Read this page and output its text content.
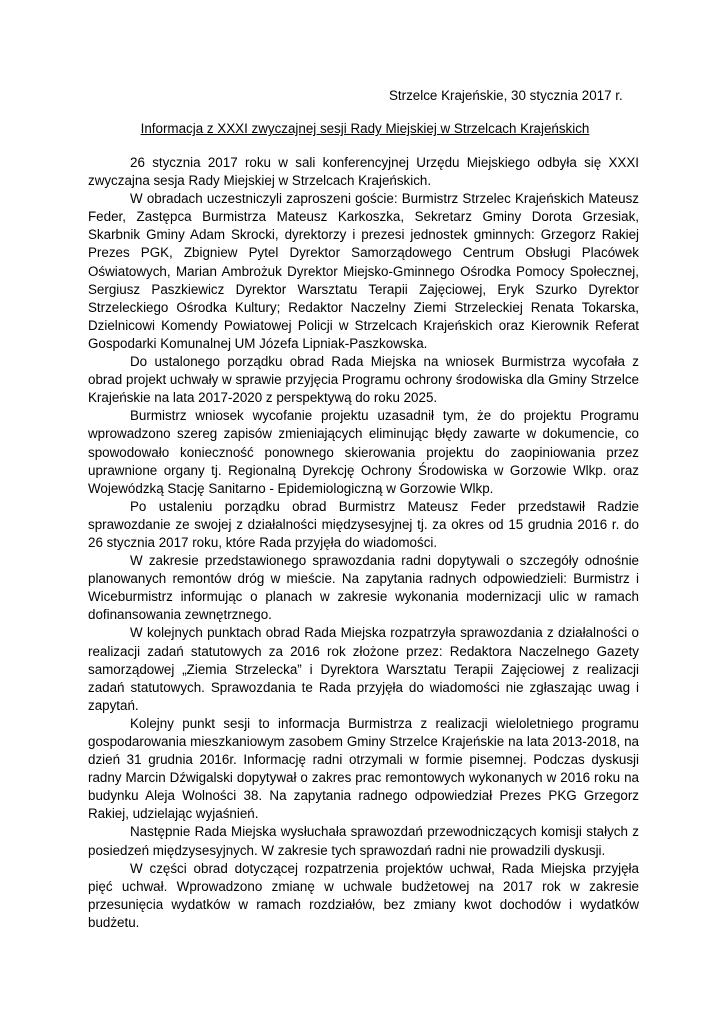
Strzelce Krajeńskie, 30 stycznia 2017 r.
Informacja z XXXI zwyczajnej sesji Rady Miejskiej w Strzelcach Krajeńskich

26 stycznia 2017 roku w sali konferencyjnej Urzędu Miejskiego odbyła się XXXI zwyczajna sesja Rady Miejskiej w Strzelcach Krajeńskich.

W obradach uczestniczyli zaproszeni goście: Burmistrz Strzelec Krajeńskich Mateusz Feder, Zastępca Burmistrza Mateusz Karkoszka, Sekretarz Gminy Dorota Grzesiak, Skarbnik Gminy Adam Skrocki, dyrektorzy i prezesi jednostek gminnych: Grzegorz Rakiej Prezes PGK, Zbigniew Pytel Dyrektor Samorządowego Centrum Obsługi Placówek Oświatowych, Marian Ambrożuk Dyrektor Miejsko-Gminnego Ośrodka Pomocy Społecznej, Sergiusz Paszkiewicz Dyrektor Warsztatu Terapii Zajęciowej, Eryk Szurko Dyrektor Strzeleckiego Ośrodka Kultury; Redaktor Naczelny Ziemi Strzeleckiej Renata Tokarska, Dzielnicowi Komendy Powiatowej Policji w Strzelcach Krajeńskich oraz Kierownik Referat Gospodarki Komunalnej UM Józefa Lipniak-Paszkowska.

Do ustalonego porządku obrad Rada Miejska na wniosek Burmistrza wycofała z obrad projekt uchwały w sprawie przyjęcia Programu ochrony środowiska dla Gminy Strzelce Krajeńskie na lata 2017-2020 z perspektywą do roku 2025.

Burmistrz wniosek wycofanie projektu uzasadnił tym, że do projektu Programu wprowadzono szereg zapisów zmieniających eliminując błędy zawarte w dokumencie, co spowodowało konieczność ponownego skierowania projektu do zaopiniowania przez uprawnione organy tj. Regionalną Dyrekcję Ochrony Środowiska w Gorzowie Wlkp. oraz Wojewódzką Stację Sanitarno - Epidemiologiczną w Gorzowie Wlkp.

Po ustaleniu porządku obrad Burmistrz Mateusz Feder przedstawił Radzie sprawozdanie ze swojej z działalności międzysesyjnej tj. za okres od 15 grudnia 2016 r. do 26 stycznia 2017 roku, które Rada przyjęła do wiadomości.

W zakresie przedstawionego sprawozdania radni dopytywali o szczegóły odnośnie planowanych remontów dróg w mieście. Na zapytania radnych odpowiedzieli: Burmistrz i Wiceburmistrz informując o planach w zakresie wykonania modernizacji ulic w ramach dofinansowania zewnętrznego.

W kolejnych punktach obrad Rada Miejska rozpatrzyła sprawozdania z działalności o realizacji zadań statutowych za 2016 rok złożone przez: Redaktora Naczelnego Gazety samorządowej „Ziemia Strzelecka” i Dyrektora Warsztatu Terapii Zajęciowej z realizacji zadań statutowych. Sprawozdania te Rada przyjęła do wiadomości nie zgłaszając uwag i zapytań.

Kolejny punkt sesji to informacja Burmistrza z realizacji wieloletniego programu gospodarowania mieszkaniowym zasobem Gminy Strzelce Krajeńskie na lata 2013-2018, na dzień 31 grudnia 2016r. Informację radni otrzymali w formie pisemnej. Podczas dyskusji radny Marcin Dźwigalski dopytywał o zakres prac remontowych wykonanych w 2016 roku na budynku Aleja Wolności 38. Na zapytania radnego odpowiedział Prezes PKG Grzegorz Rakiej, udzielając wyjaśnień.

Następnie Rada Miejska wysłuchała sprawozdań przewodniczących komisji stałych z posiedzeń międzysesyjnych. W zakresie tych sprawozdań radni nie prowadzili dyskusji.

W części obrad dotyczącej rozpatrzenia projektów uchwał, Rada Miejska przyjęła pięć uchwał. Wprowadzono zmianę w uchwale budżetowej na 2017 rok w zakresie przesunięcia wydatków w ramach rozdziałów, bez zmiany kwot dochodów i wydatków budżetu.
